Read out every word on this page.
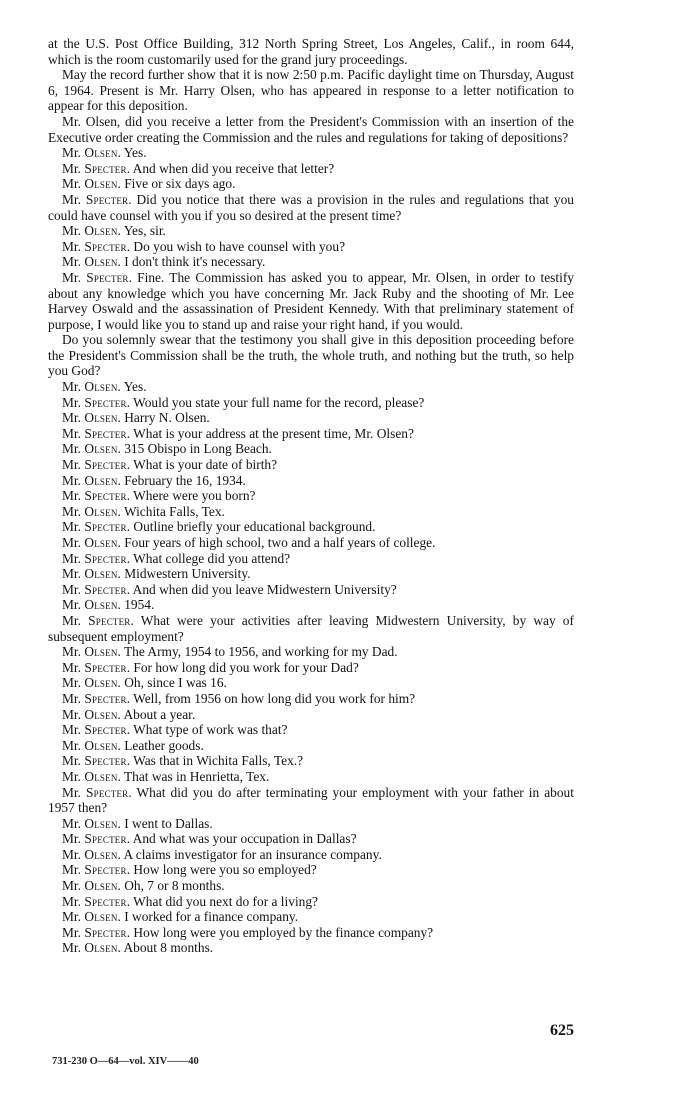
at the U.S. Post Office Building, 312 North Spring Street, Los Angeles, Calif., in room 644, which is the room customarily used for the grand jury proceedings.

May the record further show that it is now 2:50 p.m. Pacific daylight time on Thursday, August 6, 1964. Present is Mr. Harry Olsen, who has appeared in response to a letter notification to appear for this deposition.

Mr. Olsen, did you receive a letter from the President's Commission with an insertion of the Executive order creating the Commission and the rules and regulations for taking of depositions?

Mr. Olsen. Yes.

Mr. Specter. And when did you receive that letter?

Mr. Olsen. Five or six days ago.

Mr. Specter. Did you notice that there was a provision in the rules and regulations that you could have counsel with you if you so desired at the present time?

Mr. Olsen. Yes, sir.

Mr. Specter. Do you wish to have counsel with you?

Mr. Olsen. I don't think it's necessary.

Mr. Specter. Fine. The Commission has asked you to appear, Mr. Olsen, in order to testify about any knowledge which you have concerning Mr. Jack Ruby and the shooting of Mr. Lee Harvey Oswald and the assassination of President Kennedy. With that preliminary statement of purpose, I would like you to stand up and raise your right hand, if you would.

Do you solemnly swear that the testimony you shall give in this deposition proceeding before the President's Commission shall be the truth, the whole truth, and nothing but the truth, so help you God?

Mr. Olsen. Yes.

Mr. Specter. Would you state your full name for the record, please?

Mr. Olsen. Harry N. Olsen.

Mr. Specter. What is your address at the present time, Mr. Olsen?

Mr. Olsen. 315 Obispo in Long Beach.

Mr. Specter. What is your date of birth?

Mr. Olsen. February the 16, 1934.

Mr. Specter. Where were you born?

Mr. Olsen. Wichita Falls, Tex.

Mr. Specter. Outline briefly your educational background.

Mr. Olsen. Four years of high school, two and a half years of college.

Mr. Specter. What college did you attend?

Mr. Olsen. Midwestern University.

Mr. Specter. And when did you leave Midwestern University?

Mr. Olsen. 1954.

Mr. Specter. What were your activities after leaving Midwestern University, by way of subsequent employment?

Mr. Olsen. The Army, 1954 to 1956, and working for my Dad.

Mr. Specter. For how long did you work for your Dad?

Mr. Olsen. Oh, since I was 16.

Mr. Specter. Well, from 1956 on how long did you work for him?

Mr. Olsen. About a year.

Mr. Specter. What type of work was that?

Mr. Olsen. Leather goods.

Mr. Specter. Was that in Wichita Falls, Tex.?

Mr. Olsen. That was in Henrietta, Tex.

Mr. Specter. What did you do after terminating your employment with your father in about 1957 then?

Mr. Olsen. I went to Dallas.

Mr. Specter. And what was your occupation in Dallas?

Mr. Olsen. A claims investigator for an insurance company.

Mr. Specter. How long were you so employed?

Mr. Olsen. Oh, 7 or 8 months.

Mr. Specter. What did you next do for a living?

Mr. Olsen. I worked for a finance company.

Mr. Specter. How long were you employed by the finance company?

Mr. Olsen. About 8 months.

625
731-230 O—64—vol. XIV——40
